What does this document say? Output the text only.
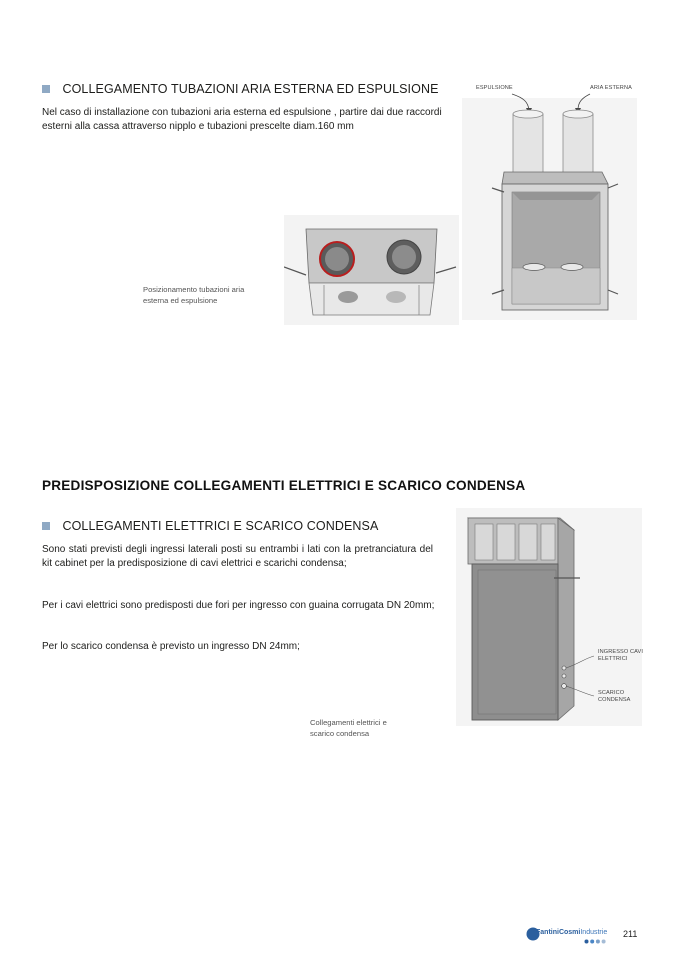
COLLEGAMENTO TUBAZIONI ARIA ESTERNA ED ESPULSIONE

Nel caso di installazione con tubazioni aria esterna ed espulsione , partire dai due raccordi esterni alla cassa attraverso nipplo e tubazioni prescelte diam.160 mm

Posizionamento tubazioni aria
esterna ed espulsione
ESPULSIONE	ARIA ESTERNA
PREDISPOSIZIONE COLLEGAMENTI ELETTRICI E SCARICO CONDENSA
COLLEGAMENTI ELETTRICI E SCARICO CONDENSA

Sono stati previsti degli ingressi laterali posti su entrambi i lati con la pretranciatura del kit cabinet per la predisposizione di cavi elettrici e scarichi condensa;

Per i cavi elettrici sono predisposti due fori per ingresso con guaina corrugata DN 20mm;

Per lo scarico condensa è previsto un ingresso DN 24mm;	INGRESSO CAVI
ELETTRICI
SCARICO
CONDENSA
Collegamenti elettrici e
scarico condensa
FantiniCosmiIndustrie 211
